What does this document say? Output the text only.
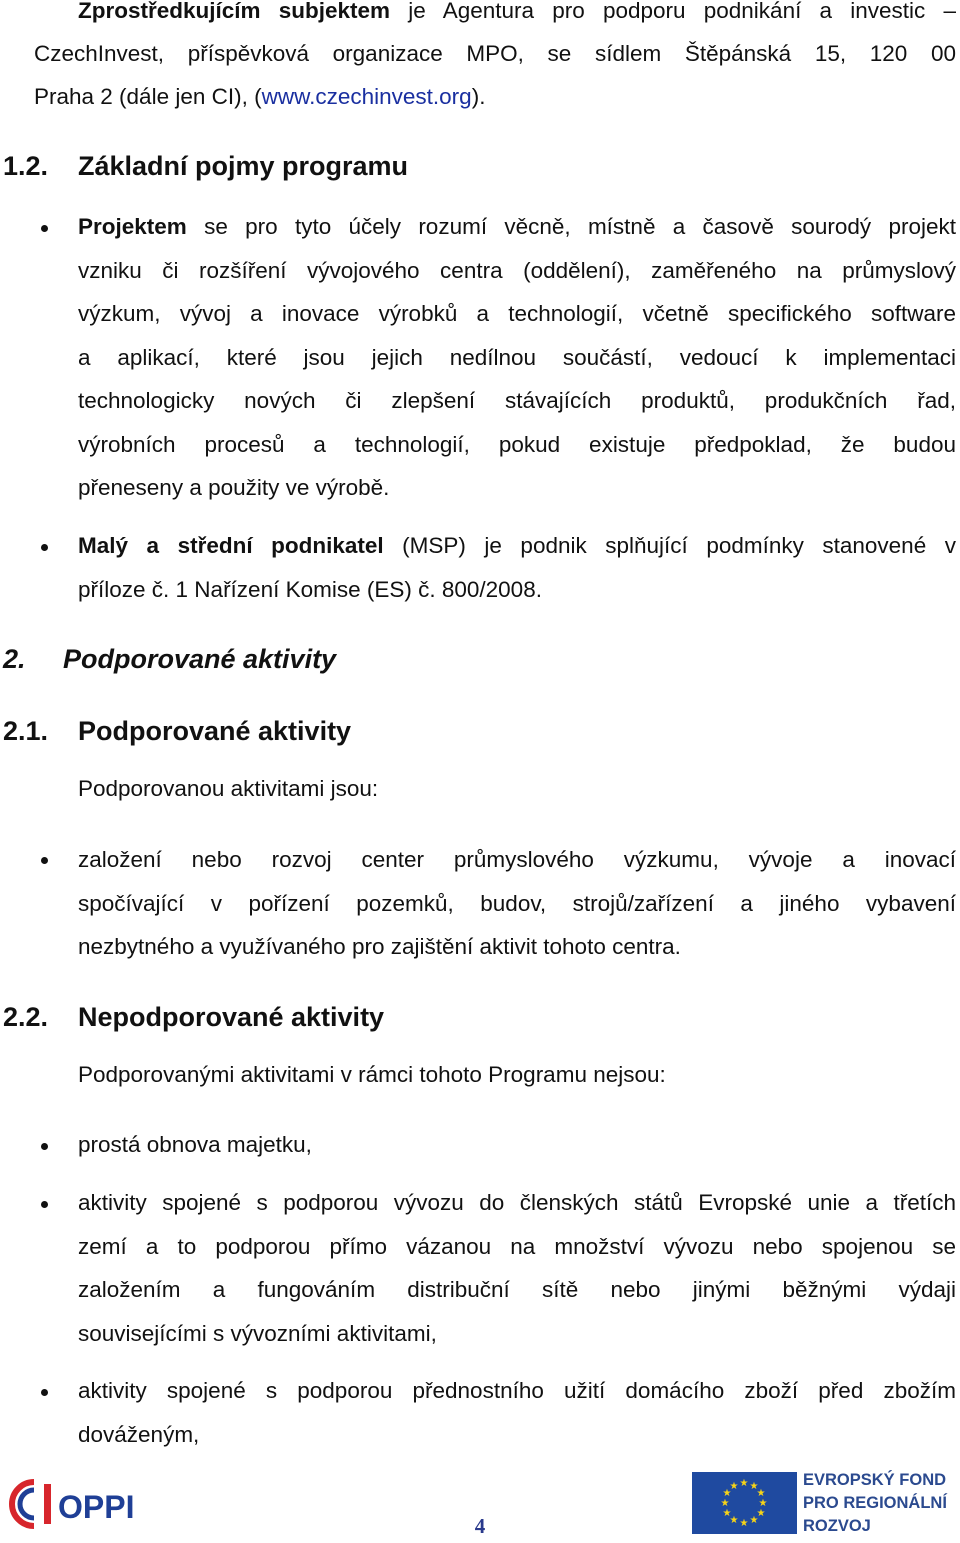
Zprostředkujícím subjektem je Agentura pro podporu podnikání a investic –
CzechInvest, příspěvková organizace MPO, se sídlem Štěpánská 15, 120 00
Praha 2 (dále jen CI), (www.czechinvest.org).
1.2. Základní pojmy programu
Projektem se pro tyto účely rozumí věcně, místně a časově sourodý projekt
vzniku či rozšíření vývojového centra (oddělení), zaměřeného na průmyslový
výzkum, vývoj a inovace výrobků a technologií, včetně specifického software
a aplikací, které jsou jejich nedílnou součástí, vedoucí k implementaci
technologicky nových či zlepšení stávajících produktů, produkčních řad,
výrobních procesů a technologií, pokud existuje předpoklad, že budou
přeneseny a použity ve výrobě.
Malý a střední podnikatel (MSP) je podnik splňující podmínky stanovené v
příloze č. 1 Nařízení Komise (ES) č. 800/2008.
2. Podporované aktivity
2.1. Podporované aktivity
Podporovanou aktivitami jsou:
založení nebo rozvoj center průmyslového výzkumu, vývoje a inovací
spočívající v pořízení pozemků, budov, strojů/zařízení a jiného vybavení
nezbytného a využívaného pro zajištění aktivit tohoto centra.
2.2. Nepodporované aktivity
Podporovanými aktivitami v rámci tohoto Programu nejsou:
prostá obnova majetku,
aktivity spojené s podporou vývozu do členských států Evropské unie a třetích
zemí a to podporou přímo vázanou na množství vývozu nebo spojenou se
založením a fungováním distribuční sítě nebo jinými běžnými výdaji
souvisejícími s vývozními aktivitami,
aktivity spojené s podporou přednostního užití domácího zboží před zbožím
dováženým,
OPPI
4
★ ★
★
★
★
★
★
★
★
★
★
★	EVROPSKÝ FOND
PRO REGIONÁLNÍ
ROZVOJ
